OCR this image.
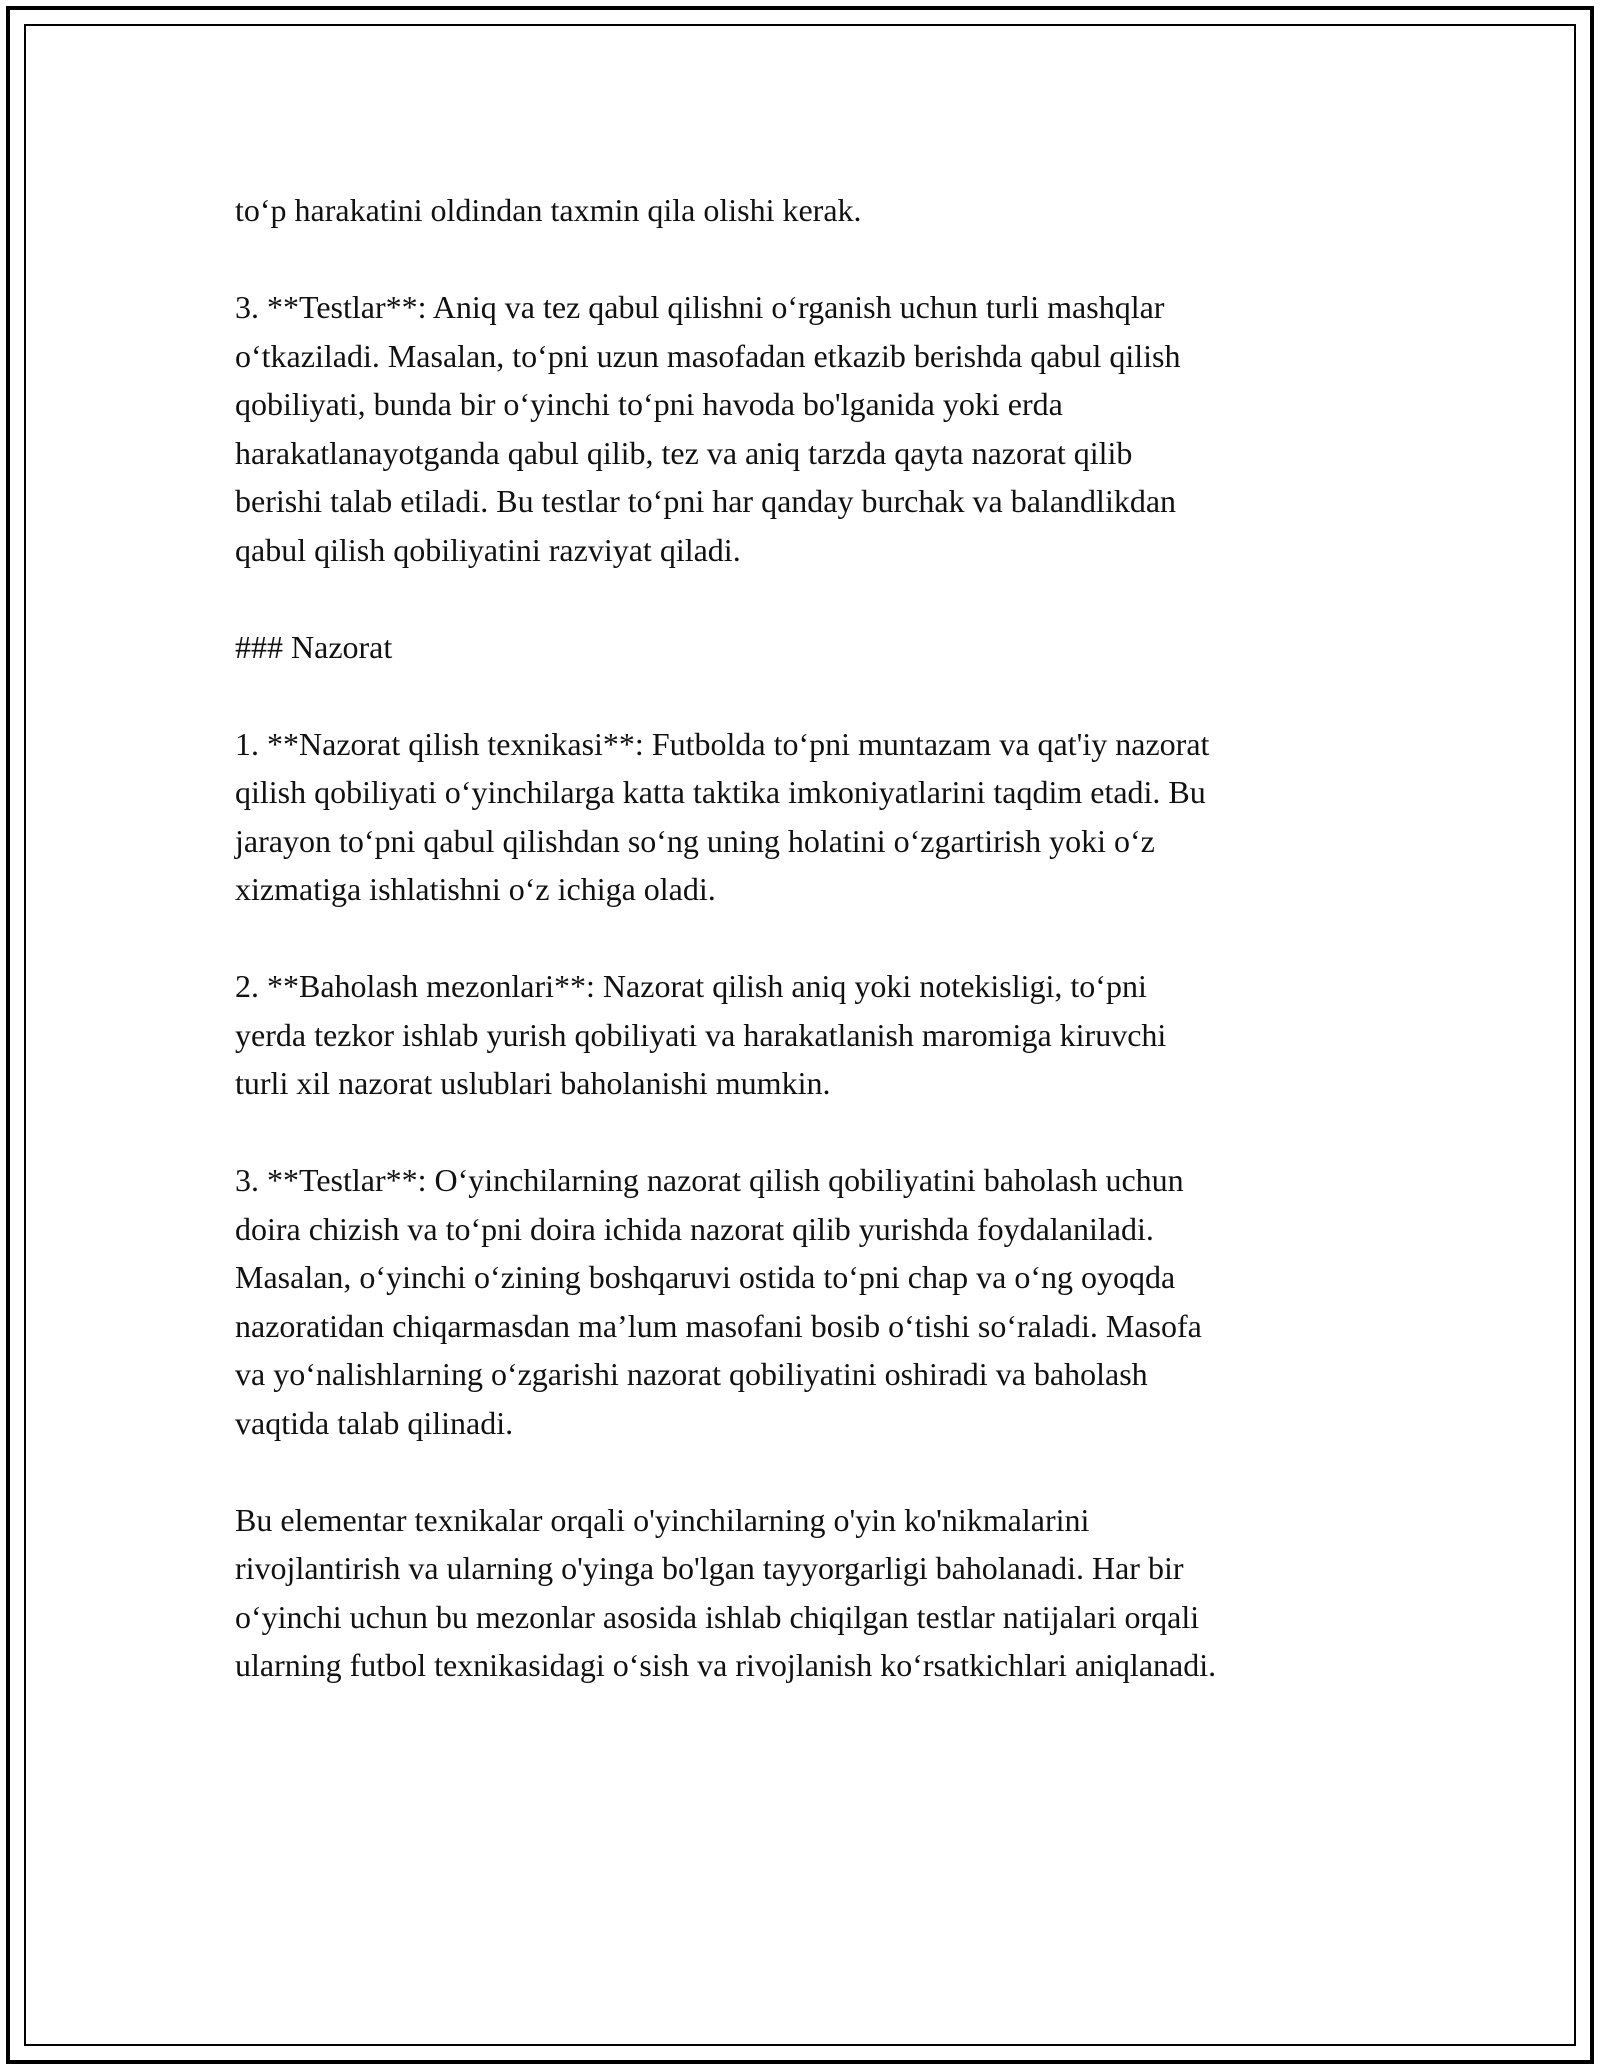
to‘p harakatini oldindan taxmin qila olishi kerak.

3. **Testlar**: Aniq va tez qabul qilishni o‘rganish uchun turli mashqlar
o‘tkaziladi. Masalan, to‘pni uzun masofadan etkazib berishda qabul qilish
qobiliyati, bunda bir o‘yinchi to‘pni havoda bo'lganida yoki erda
harakatlanayotganda qabul qilib, tez va aniq tarzda qayta nazorat qilib
berishi talab etiladi. Bu testlar to‘pni har qanday burchak va balandlikdan
qabul qilish qobiliyatini razviyat qiladi.

### Nazorat

1. **Nazorat qilish texnikasi**: Futbolda to‘pni muntazam va qat'iy nazorat
qilish qobiliyati o‘yinchilarga katta taktika imkoniyatlarini taqdim etadi. Bu
jarayon to‘pni qabul qilishdan so‘ng uning holatini o‘zgartirish yoki o‘z
xizmatiga ishlatishni o‘z ichiga oladi.

2. **Baholash mezonlari**: Nazorat qilish aniq yoki notekisligi, to‘pni
yerda tezkor ishlab yurish qobiliyati va harakatlanish maromiga kiruvchi
turli xil nazorat uslublari baholanishi mumkin.

3. **Testlar**: O‘yinchilarning nazorat qilish qobiliyatini baholash uchun
doira chizish va to‘pni doira ichida nazorat qilib yurishda foydalaniladi.
Masalan, o‘yinchi o‘zining boshqaruvi ostida to‘pni chap va o‘ng oyoqda
nazoratidan chiqarmasdan ma’lum masofani bosib o‘tishi so‘raladi. Masofa
va yo‘nalishlarning o‘zgarishi nazorat qobiliyatini oshiradi va baholash
vaqtida talab qilinadi.

Bu elementar texnikalar orqali o'yinchilarning o'yin ko'nikmalarini
rivojlantirish va ularning o'yinga bo'lgan tayyorgarligi baholanadi. Har bir
o‘yinchi uchun bu mezonlar asosida ishlab chiqilgan testlar natijalari orqali
ularning futbol texnikasidagi o‘sish va rivojlanish ko‘rsatkichlari aniqlanadi.
